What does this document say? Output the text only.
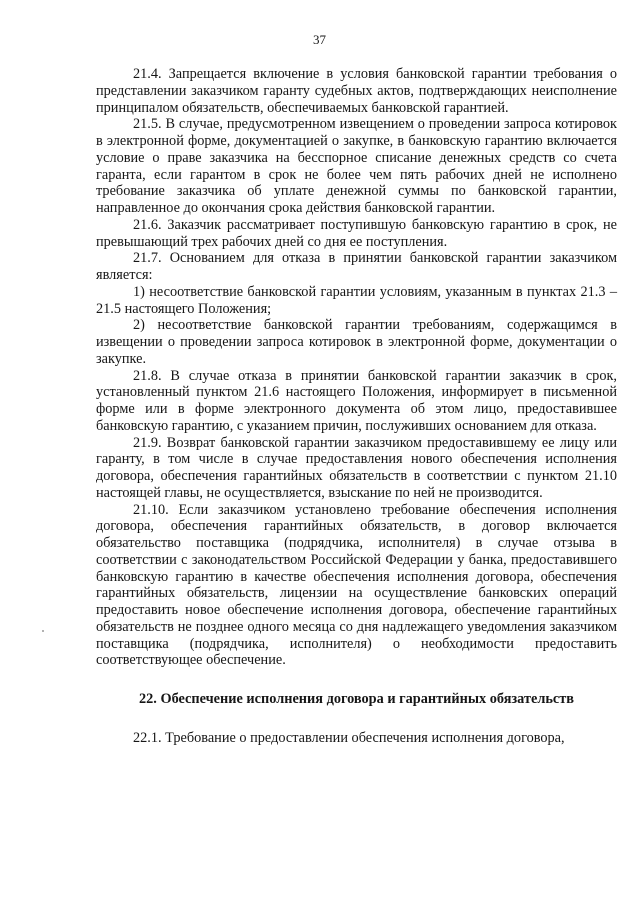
37

21.4. Запрещается включение в условия банковской гарантии требования о представлении заказчиком гаранту судебных актов, подтверждающих неисполнение принципалом обязательств, обеспечиваемых банковской гарантией.

21.5. В случае, предусмотренном извещением о проведении запроса котировок в электронной форме, документацией о закупке, в банковскую гарантию включается условие о праве заказчика на бесспорное списание денежных средств со счета гаранта, если гарантом в срок не более чем пять рабочих дней не исполнено требование заказчика об уплате денежной суммы по банковской гарантии, направленное до окончания срока действия банковской гарантии.

21.6. Заказчик рассматривает поступившую банковскую гарантию в срок, не превышающий трех рабочих дней со дня ее поступления.

21.7. Основанием для отказа в принятии банковской гарантии заказчиком является:

1) несоответствие банковской гарантии условиям, указанным в пунктах 21.3 – 21.5 настоящего Положения;

2) несоответствие банковской гарантии требованиям, содержащимся в извещении о проведении запроса котировок в электронной форме, документации о закупке.

21.8. В случае отказа в принятии банковской гарантии заказчик в срок, установленный пунктом 21.6 настоящего Положения, информирует в письменной форме или в форме электронного документа об этом лицо, предоставившее банковскую гарантию, с указанием причин, послуживших основанием для отказа.

21.9. Возврат банковской гарантии заказчиком предоставившему ее лицу или гаранту, в том числе в случае предоставления нового обеспечения исполнения договора, обеспечения гарантийных обязательств в соответствии с пунктом 21.10 настоящей главы, не осуществляется, взыскание по ней не производится.

21.10. Если заказчиком установлено требование обеспечения исполнения договора, обеспечения гарантийных обязательств, в договор включается обязательство поставщика (подрядчика, исполнителя) в случае отзыва в соответствии с законодательством Российской Федерации у банка, предоставившего банковскую гарантию в качестве обеспечения исполнения договора, обеспечения гарантийных обязательств, лицензии на осуществление банковских операций предоставить новое обеспечение исполнения договора, обеспечение гарантийных обязательств не позднее одного месяца со дня надлежащего уведомления заказчиком поставщика (подрядчика, исполнителя) о необходимости предоставить соответствующее обеспечение.

22. Обеспечение исполнения договора и гарантийных обязательств

22.1. Требование о предоставлении обеспечения исполнения договора,
